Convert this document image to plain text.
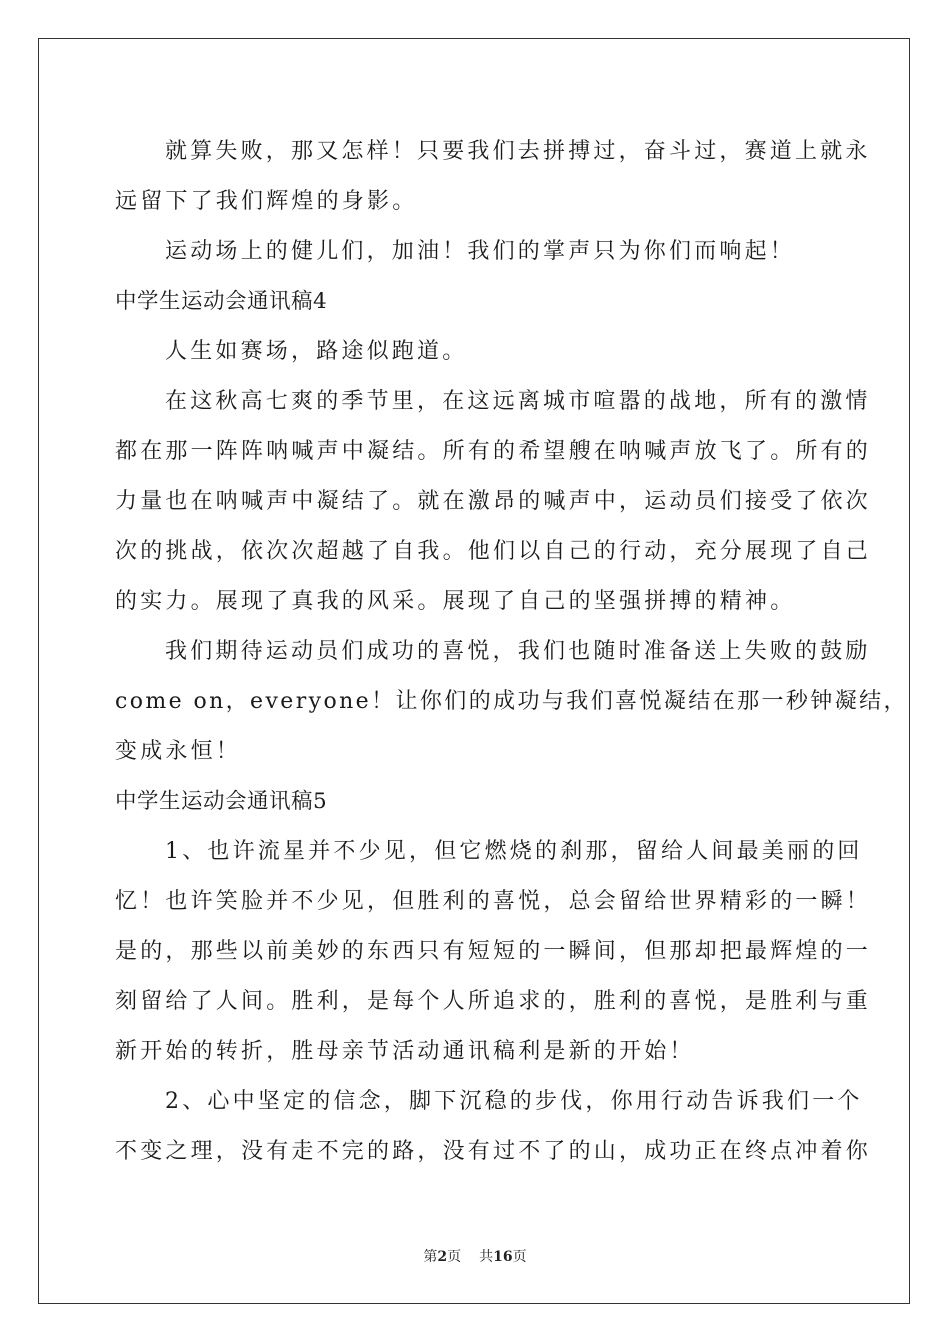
就算失败，那又怎样！只要我们去拼搏过，奋斗过，赛道上就永
远留下了我们辉煌的身影。
运动场上的健儿们，加油！我们的掌声只为你们而响起！
中学生运动会通讯稿4
人生如赛场，路途似跑道。
在这秋高七爽的季节里，在这远离城市喧嚣的战地，所有的激情
都在那一阵阵呐喊声中凝结。所有的希望艘在呐喊声放飞了。所有的
力量也在呐喊声中凝结了。就在激昂的喊声中，运动员们接受了依次
次的挑战，依次次超越了自我。他们以自己的行动，充分展现了自己
的实力。展现了真我的风采。展现了自己的坚强拼搏的精神。
我们期待运动员们成功的喜悦，我们也随时准备送上失败的鼓励
come on，everyone！让你们的成功与我们喜悦凝结在那一秒钟凝结，
变成永恒！
中学生运动会通讯稿5
1、也许流星并不少见，但它燃烧的刹那，留给人间最美丽的回
忆！也许笑脸并不少见，但胜利的喜悦，总会留给世界精彩的一瞬！
是的，那些以前美妙的东西只有短短的一瞬间，但那却把最辉煌的一
刻留给了人间。胜利，是每个人所追求的，胜利的喜悦，是胜利与重
新开始的转折，胜母亲节活动通讯稿利是新的开始！
2、心中坚定的信念，脚下沉稳的步伐，你用行动告诉我们一个
不变之理，没有走不完的路，没有过不了的山，成功正在终点冲着你
第2页 共16页
